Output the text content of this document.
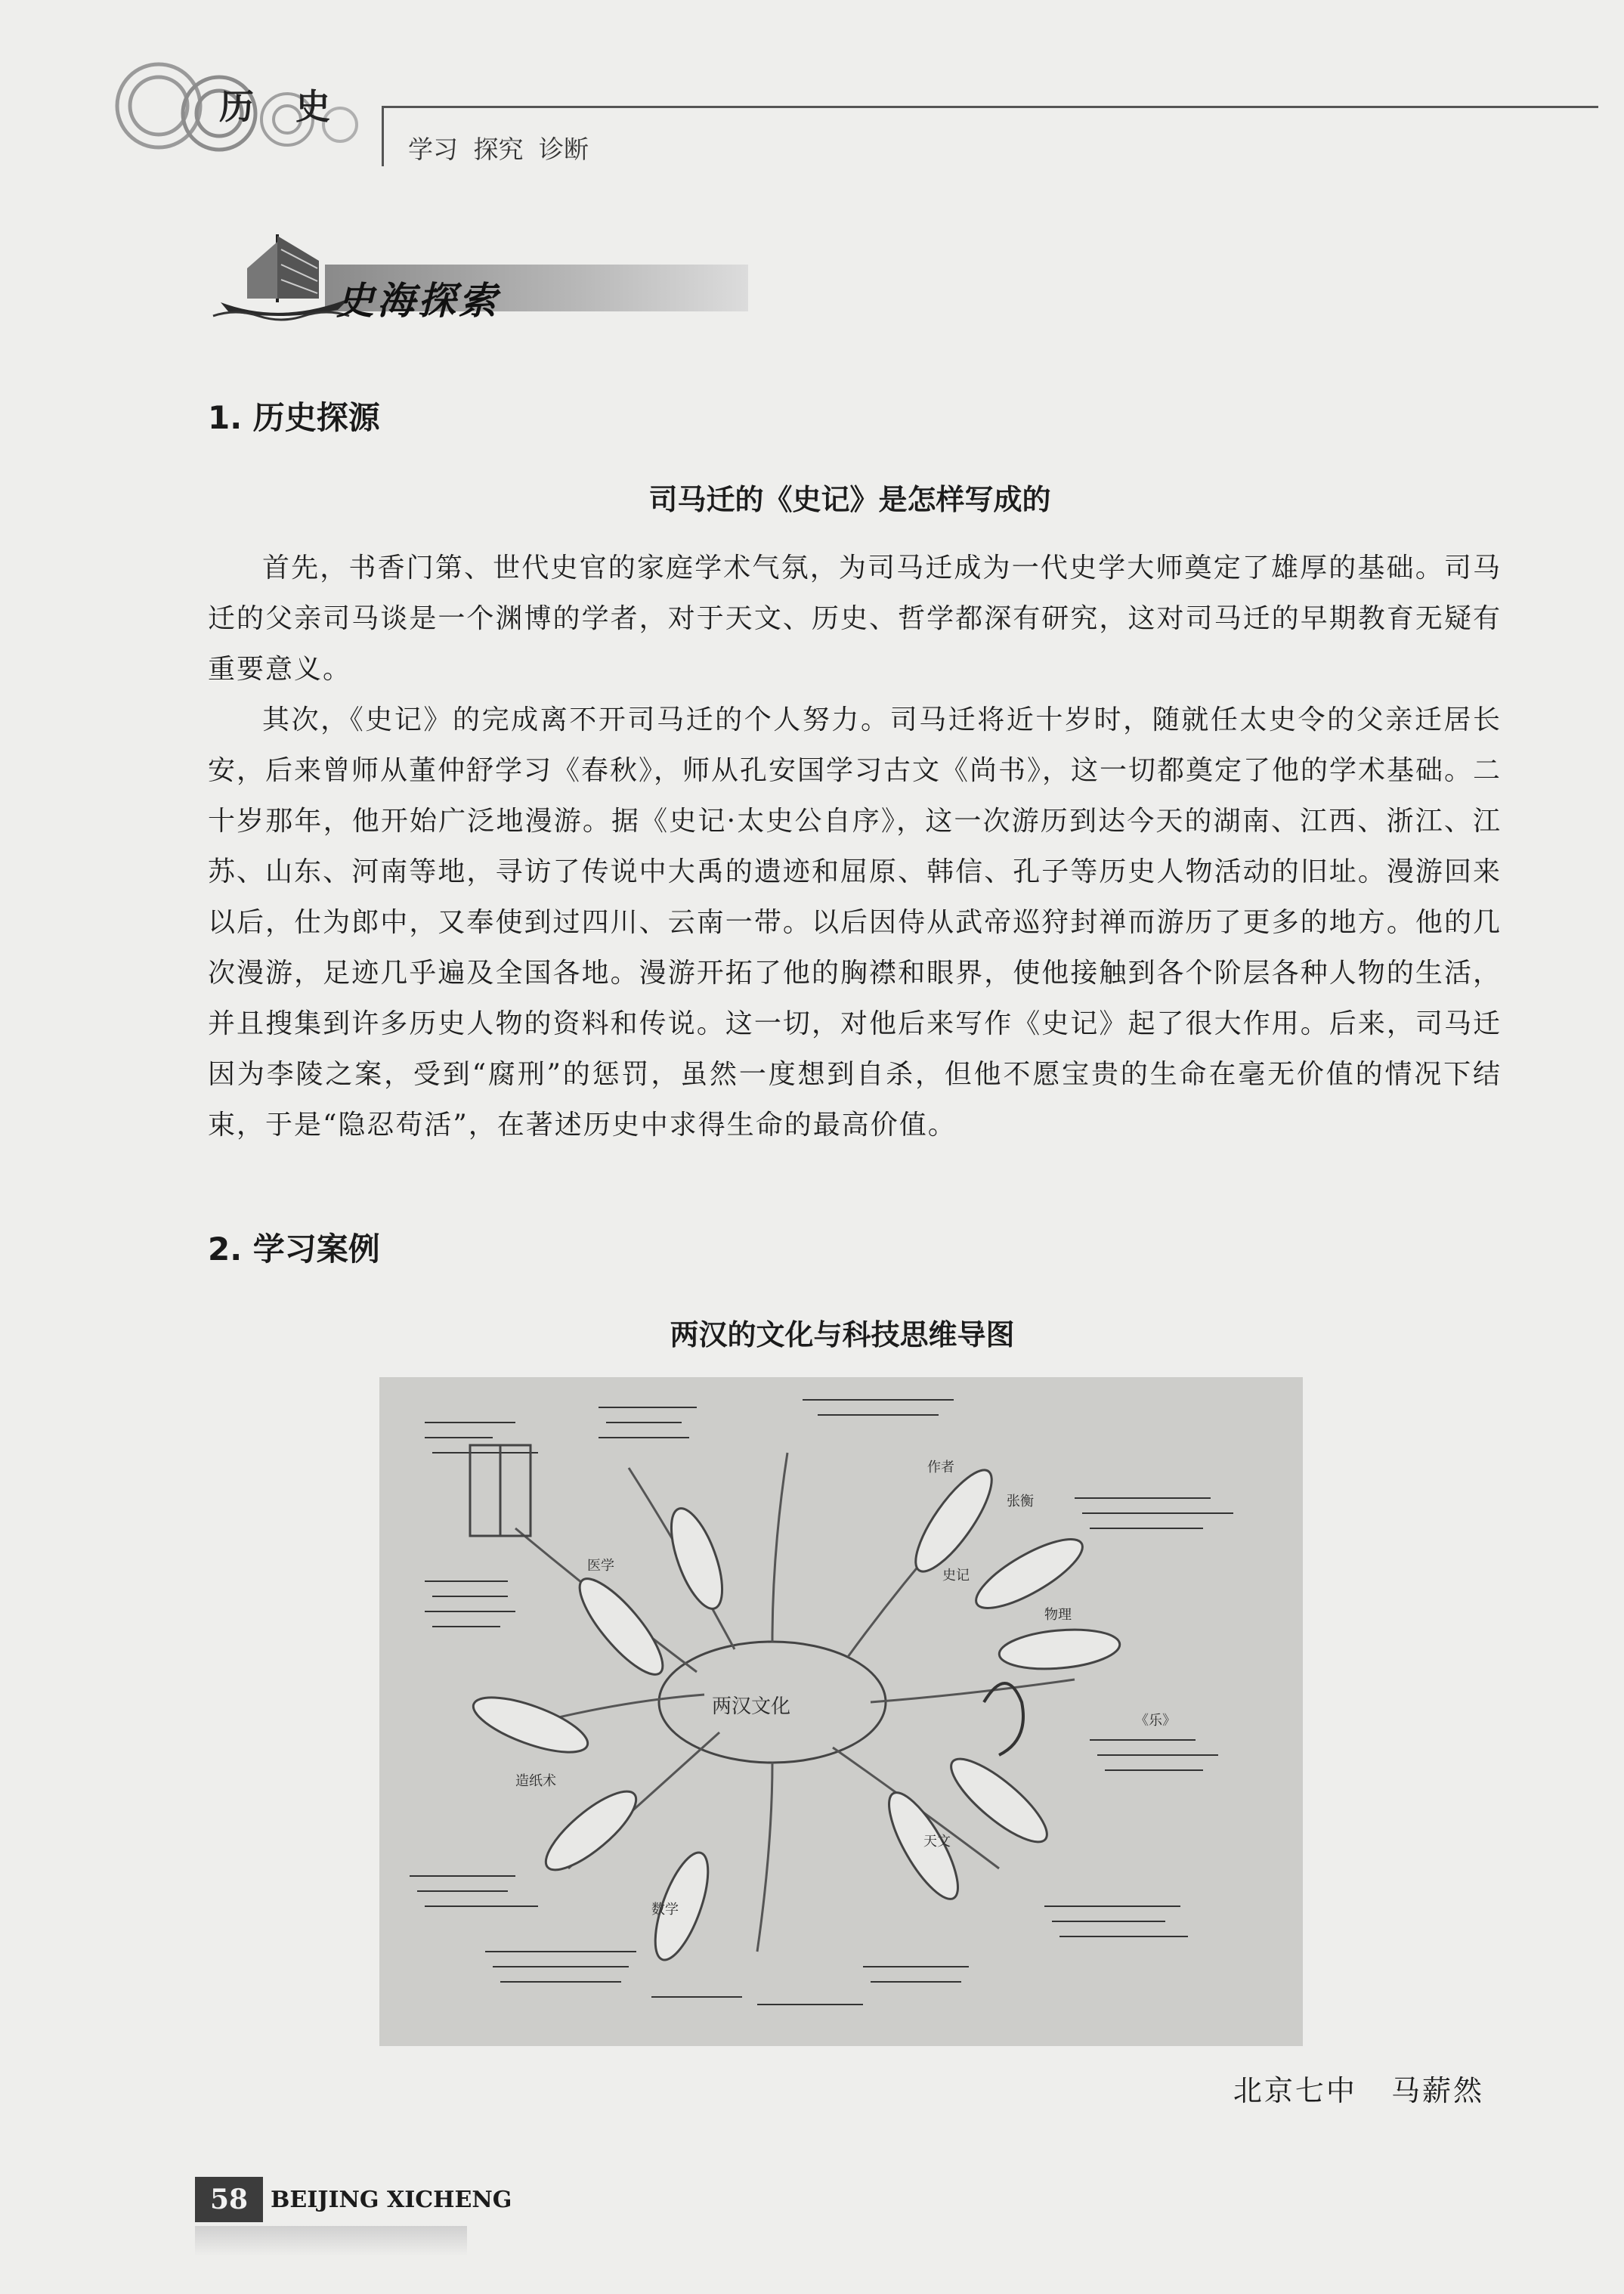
历史
学习 探究 诊断
史海探索
1. 历史探源
司马迁的《史记》是怎样写成的

首先，书香门第、世代史官的家庭学术气氛，为司马迁成为一代史学大师奠定了雄厚的基础。司马迁的父亲司马谈是一个渊博的学者，对于天文、历史、哲学都深有研究，这对司马迁的早期教育无疑有重要意义。

其次，《史记》的完成离不开司马迁的个人努力。司马迁将近十岁时，随就任太史令的父亲迁居长安，后来曾师从董仲舒学习《春秋》，师从孔安国学习古文《尚书》，这一切都奠定了他的学术基础。二十岁那年，他开始广泛地漫游。据《史记·太史公自序》，这一次游历到达今天的湖南、江西、浙江、江苏、山东、河南等地，寻访了传说中大禹的遗迹和屈原、韩信、孔子等历史人物活动的旧址。漫游回来以后，仕为郎中，又奉使到过四川、云南一带。以后因侍从武帝巡狩封禅而游历了更多的地方。他的几次漫游，足迹几乎遍及全国各地。漫游开拓了他的胸襟和眼界，使他接触到各个阶层各种人物的生活，并且搜集到许多历史人物的资料和传说。这一切，对他后来写作《史记》起了很大作用。后来，司马迁因为李陵之案，受到“腐刑”的惩罚，虽然一度想到自杀，但他不愿宝贵的生命在毫无价值的情况下结束，于是“隐忍苟活”，在著述历史中求得生命的最高价值。

2. 学习案例
两汉的文化与科技思维导图
两汉文化
作者
史记
物理
《乐》
医学
数学
天文
造纸术
张衡
北京七中 马薪然
58 BEIJING XICHENG
